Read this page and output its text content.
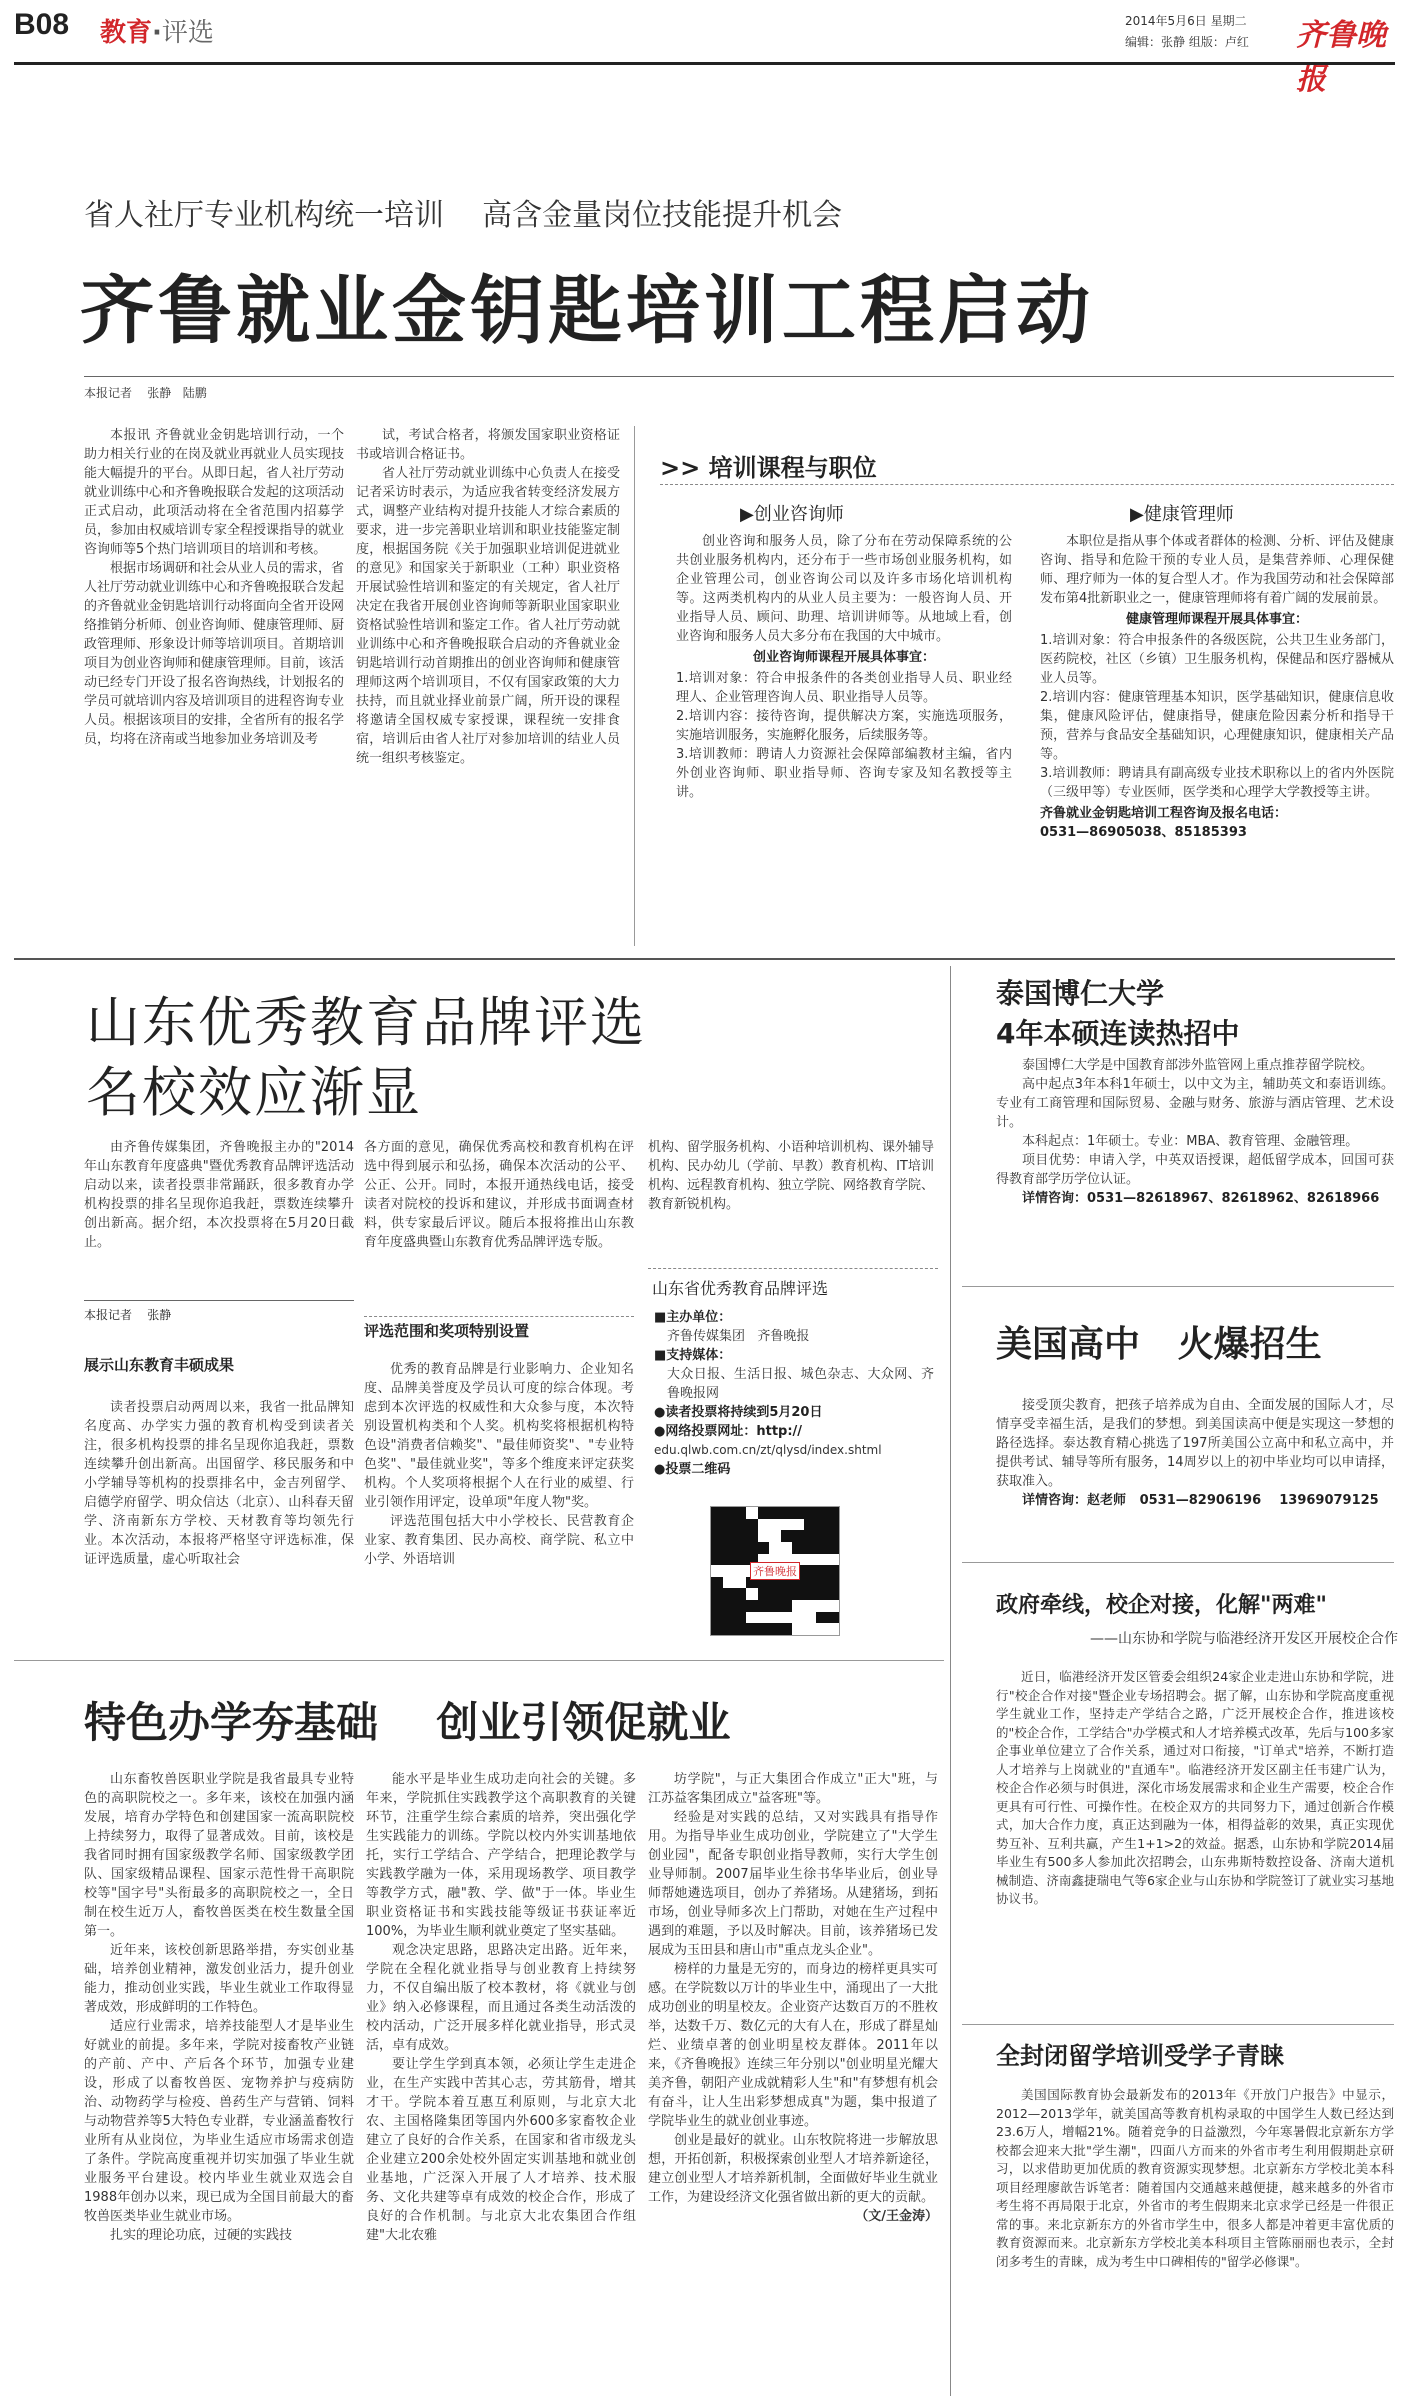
B08 教育·评选	2014年5月6日 星期二
编辑：张静 组版：卢红 齐鲁晚报
省人社厅专业机构统一培训    高含金量岗位技能提升机会
齐鲁就业金钥匙培训工程启动
本报记者    张静   陆鹏

本报讯 齐鲁就业金钥匙培训行动，一个助力相关行业的在岗及就业再就业人员实现技能大幅提升的平台。从即日起，省人社厅劳动就业训练中心和齐鲁晚报联合发起的这项活动正式启动，此项活动将在全省范围内招募学员，参加由权威培训专家全程授课指导的就业咨询师等5个热门培训项目的培训和考核。

根据市场调研和社会从业人员的需求，省人社厅劳动就业训练中心和齐鲁晚报联合发起的齐鲁就业金钥匙培训行动将面向全省开设网络推销分析师、创业咨询师、健康管理师、厨政管理师、形象设计师等培训项目。首期培训项目为创业咨询师和健康管理师。目前，该活动已经专门开设了报名咨询热线，计划报名的学员可就培训内容及培训项目的进程咨询专业人员。根据该项目的安排，全省所有的报名学员，均将在济南或当地参加业务培训及考

试，考试合格者，将颁发国家职业资格证书或培训合格证书。

省人社厅劳动就业训练中心负责人在接受记者采访时表示，为适应我省转变经济发展方式，调整产业结构对提升技能人才综合素质的要求，进一步完善职业培训和职业技能鉴定制度，根据国务院《关于加强职业培训促进就业的意见》和国家关于新职业（工种）职业资格开展试验性培训和鉴定的有关规定，省人社厅决定在我省开展创业咨询师等新职业国家职业资格试验性培训和鉴定工作。省人社厅劳动就业训练中心和齐鲁晚报联合启动的齐鲁就业金钥匙培训行动首期推出的创业咨询师和健康管理师这两个培训项目，不仅有国家政策的大力扶持，而且就业择业前景广阔，所开设的课程将邀请全国权威专家授课，课程统一安排食宿，培训后由省人社厅对参加培训的结业人员统一组织考核鉴定。

>> 培训课程与职位
▶创业咨询师

创业咨询和服务人员，除了分布在劳动保障系统的公共创业服务机构内，还分布于一些市场创业服务机构，如企业管理公司，创业咨询公司以及许多市场化培训机构等。这两类机构内的从业人员主要为：一般咨询人员、开业指导人员、顾问、助理、培训讲师等。从地域上看，创业咨询和服务人员大多分布在我国的大中城市。

创业咨询师课程开展具体事宜：
1.培训对象：符合申报条件的各类创业指导人员、职业经理人、企业管理咨询人员、职业指导人员等。
2.培训内容：接待咨询，提供解决方案，实施选项服务，实施培训服务，实施孵化服务，后续服务等。
3.培训教师：聘请人力资源社会保障部编教材主编，省内外创业咨询师、职业指导师、咨询专家及知名教授等主讲。
▶健康管理师

本职位是指从事个体或者群体的检测、分析、评估及健康咨询、指导和危险干预的专业人员，是集营养师、心理保健师、理疗师为一体的复合型人才。作为我国劳动和社会保障部发布第4批新职业之一，健康管理师将有着广阔的发展前景。

健康管理师课程开展具体事宜：
1.培训对象：符合申报条件的各级医院，公共卫生业务部门，医药院校，社区（乡镇）卫生服务机构，保健品和医疗器械从业人员等。
2.培训内容：健康管理基本知识，医学基础知识，健康信息收集，健康风险评估，健康指导，健康危险因素分析和指导干预，营养与食品安全基础知识，心理健康知识，健康相关产品等。
3.培训教师：聘请具有副高级专业技术职称以上的省内外医院（三级甲等）专业医师，医学类和心理学大学教授等主讲。
齐鲁就业金钥匙培训工程咨询及报名电话：
0531—86905038、85185393
山东优秀教育品牌评选
名校效应渐显
由齐鲁传媒集团，齐鲁晚报主办的"2014年山东教育年度盛典"暨优秀教育品牌评选活动启动以来，读者投票非常踊跃，很多教育办学机构投票的排名呈现你追我赶，票数连续攀升创出新高。据介绍，本次投票将在5月20日截止。
本报记者    张静
展示山东教育丰硕成果
读者投票启动两周以来，我省一批品牌知名度高、办学实力强的教育机构受到读者关注，很多机构投票的排名呈现你追我赶，票数连续攀升创出新高。出国留学、移民服务和中小学辅导等机构的投票排名中，金吉列留学、启德学府留学、明众信达（北京）、山科春天留学、济南新东方学校、天材教育等均领先行业。本次活动，本报将严格坚守评选标准，保证评选质量，虚心听取社会
各方面的意见，确保优秀高校和教育机构在评选中得到展示和弘扬，确保本次活动的公平、公正、公开。同时，本报开通热线电话，接受读者对院校的投诉和建议，并形成书面调查材料，供专家最后评议。随后本报将推出山东教育年度盛典暨山东教育优秀品牌评选专版。
评选范围和奖项特别设置

优秀的教育品牌是行业影响力、企业知名度、品牌美誉度及学员认可度的综合体现。考虑到本次评选的权威性和大众参与度，本次特别设置机构类和个人奖。机构奖将根据机构特色设"消费者信赖奖"、"最佳师资奖"、"专业特色奖"、"最佳就业奖"，等多个维度来评定获奖机构。个人奖项将根据个人在行业的威望、行业引领作用评定，设单项"年度人物"奖。

评选范围包括大中小学校长、民营教育企业家、教育集团、民办高校、商学院、私立中小学、外语培训

机构、留学服务机构、小语种培训机构、课外辅导机构、民办幼儿（学前、早教）教育机构、IT培训机构、远程教育机构、独立学院、网络教育学院、教育新锐机构。
山东省优秀教育品牌评选
■主办单位：
齐鲁传媒集团   齐鲁晚报
■支持媒体：
大众日报、生活日报、城色杂志、大众网、齐鲁晚报网
●读者投票将持续到5月20日
●网络投票网址：http://
edu.qlwb.com.cn/zt/qlysd/index.shtml
●投票二维码
齐鲁晚报
特色办学夯基础    创业引领促就业

山东畜牧兽医职业学院是我省最具专业特色的高职院校之一。多年来，该校在加强内涵发展，培育办学特色和创建国家一流高职院校上持续努力，取得了显著成效。目前，该校是我省同时拥有国家级教学名师、国家级教学团队、国家级精品课程、国家示范性骨干高职院校等"国字号"头衔最多的高职院校之一，全日制在校生近万人，畜牧兽医类在校生数量全国第一。

近年来，该校创新思路举措，夯实创业基础，培养创业精神，激发创业活力，提升创业能力，推动创业实践，毕业生就业工作取得显著成效，形成鲜明的工作特色。

适应行业需求，培养技能型人才是毕业生好就业的前提。多年来，学院对接畜牧产业链的产前、产中、产后各个环节，加强专业建设，形成了以畜牧兽医、宠物养护与疫病防治、动物药学与检疫、兽药生产与营销、饲料与动物营养等5大特色专业群，专业涵盖畜牧行业所有从业岗位，为毕业生适应市场需求创造了条件。学院高度重视并切实加强了毕业生就业服务平台建设。校内毕业生就业双选会自1988年创办以来，现已成为全国目前最大的畜牧兽医类毕业生就业市场。

扎实的理论功底，过硬的实践技

能水平是毕业生成功走向社会的关键。多年来，学院抓住实践教学这个高职教育的关键环节，注重学生综合素质的培养，突出强化学生实践能力的训练。学院以校内外实训基地依托，实行工学结合、产学结合，把理论教学与实践教学融为一体，采用现场教学、项目教学等教学方式，融"教、学、做"于一体。毕业生职业资格证书和实践技能等级证书获证率近100%，为毕业生顺利就业奠定了坚实基础。

观念决定思路，思路决定出路。近年来，学院在全程化就业指导与创业教育上持续努力，不仅自编出版了校本教材，将《就业与创业》纳入必修课程，而且通过各类生动活泼的校内活动，广泛开展多样化就业指导，形式灵活，卓有成效。

要让学生学到真本领，必须让学生走进企业，在生产实践中苦其心志，劳其筋骨，增其才干。学院本着互惠互利原则，与北京大北农、主国格隆集团等国内外600多家畜牧企业建立了良好的合作关系，在国家和省市级龙头企业建立200余处校外固定实训基地和就业创业基地，广泛深入开展了人才培养、技术服务、文化共建等卓有成效的校企合作，形成了良好的合作机制。与北京大北农集团合作组建"大北农雅

坊学院"，与正大集团合作成立"正大"班，与江苏益客集团成立"益客班"等。

经验是对实践的总结，又对实践具有指导作用。为指导毕业生成功创业，学院建立了"大学生创业园"，配备专职创业指导教师，实行大学生创业导师制。2007届毕业生徐书华毕业后，创业导师帮她遴选项目，创办了养猪场。从建猪场，到拓市场，创业导师多次上门帮助，对她在生产过程中遇到的难题，予以及时解决。目前，该养猪场已发展成为玉田县和唐山市"重点龙头企业"。

榜样的力量是无穷的，而身边的榜样更具实可感。在学院数以万计的毕业生中，涌现出了一大批成功创业的明星校友。企业资产达数百万的不胜枚举，达数千万、数亿元的大有人在，形成了群星灿烂、业绩卓著的创业明星校友群体。2011年以来，《齐鲁晚报》连续三年分别以"创业明星光耀大美齐鲁，朝阳产业成就精彩人生"和"有梦想有机会有奋斗，让人生出彩梦想成真"为题，集中报道了学院毕业生的就业创业事迹。

创业是最好的就业。山东牧院将进一步解放思想，开拓创新，积极探索创业型人才培养新途径，建立创业型人才培养新机制，全面做好毕业生就业工作，为建设经济文化强省做出新的更大的贡献。

（文/王金涛）
泰国博仁大学
4年本硕连读热招中

泰国博仁大学是中国教育部涉外监管网上重点推荐留学院校。

高中起点3年本科1年硕士，以中文为主，辅助英文和泰语训练。专业有工商管理和国际贸易、金融与财务、旅游与酒店管理、艺术设计。

本科起点：1年硕士。专业：MBA、教育管理、金融管理。

项目优势：申请入学，中英双语授课，超低留学成本，回国可获得教育部学历学位认证。

详情咨询：0531—82618967、82618962、82618966
美国高中   火爆招生

接受顶尖教育，把孩子培养成为自由、全面发展的国际人才，尽情享受幸福生活，是我们的梦想。到美国读高中便是实现这一梦想的路径选择。泰达教育精心挑选了197所美国公立高中和私立高中，并提供考试、辅导等所有服务，14周岁以上的初中毕业均可以申请择，获取准入。

详情咨询：赵老师   0531—82906196    13969079125
政府牵线，校企对接，化解"两难"
——山东协和学院与临港经济开发区开展校企合作
近日，临港经济开发区管委会组织24家企业走进山东协和学院，进行"校企合作对接"暨企业专场招聘会。据了解，山东协和学院高度重视学生就业工作，坚持走产学结合之路，广泛开展校企合作，推进该校的"校企合作，工学结合"办学模式和人才培养模式改革，先后与100多家企事业单位建立了合作关系，通过对口衔接，"订单式"培养，不断打造人才培养与上岗就业的"直通车"。临港经济开发区副主任韦建广认为，校企合作必须与时俱进，深化市场发展需求和企业生产需要，校企合作更具有可行性、可操作性。在校企双方的共同努力下，通过创新合作模式，加大合作力度，真正达到融为一体，相得益彰的效果，真正实现优势互补、互利共赢，产生1+1>2的效益。据悉，山东协和学院2014届毕业生有500多人参加此次招聘会，山东弗斯特数控设备、济南大道机械制造、济南鑫捷瑞电气等6家企业与山东协和学院签订了就业实习基地协议书。
全封闭留学培训受学子青睐
美国国际教育协会最新发布的2013年《开放门户报告》中显示，2012—2013学年，就美国高等教育机构录取的中国学生人数已经达到23.6万人，增幅21%。随着竞争的日益激烈，今年寒暑假北京新东方学校都会迎来大批"学生潮"，四面八方而来的外省市考生利用假期赴京研习，以求借助更加优质的教育资源实现梦想。北京新东方学校北美本科项目经理廖歆告诉笔者：随着国内交通越来越便捷，越来越多的外省市考生将不再局限于北京，外省市的考生假期来北京求学已经是一件很正常的事。来北京新东方的外省市学生中，很多人都是冲着更丰富优质的教育资源而来。北京新东方学校北美本科项目主管陈丽丽也表示，全封闭多考生的青睐，成为考生中口碑相传的"留学必修课"。
